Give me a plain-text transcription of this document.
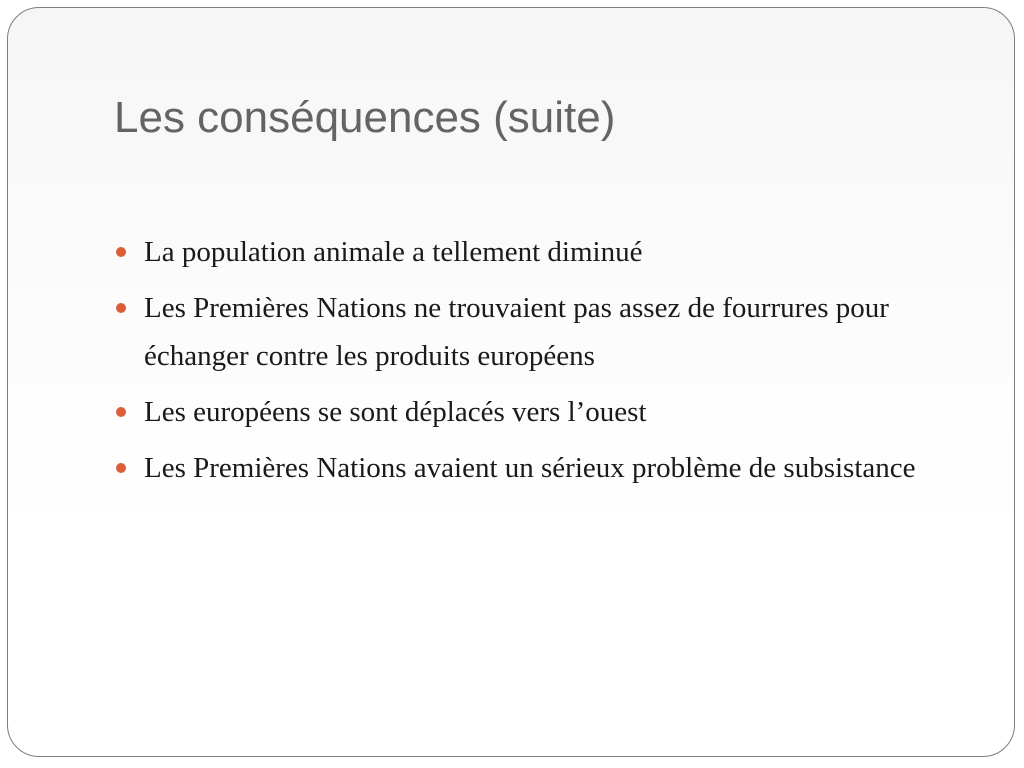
Les conséquences (suite)
La population animale a tellement diminué
Les Premières Nations ne trouvaient pas assez de fourrures pour échanger contre les produits européens
Les européens se sont déplacés vers l’ouest
Les Premières Nations avaient un sérieux problème de subsistance
